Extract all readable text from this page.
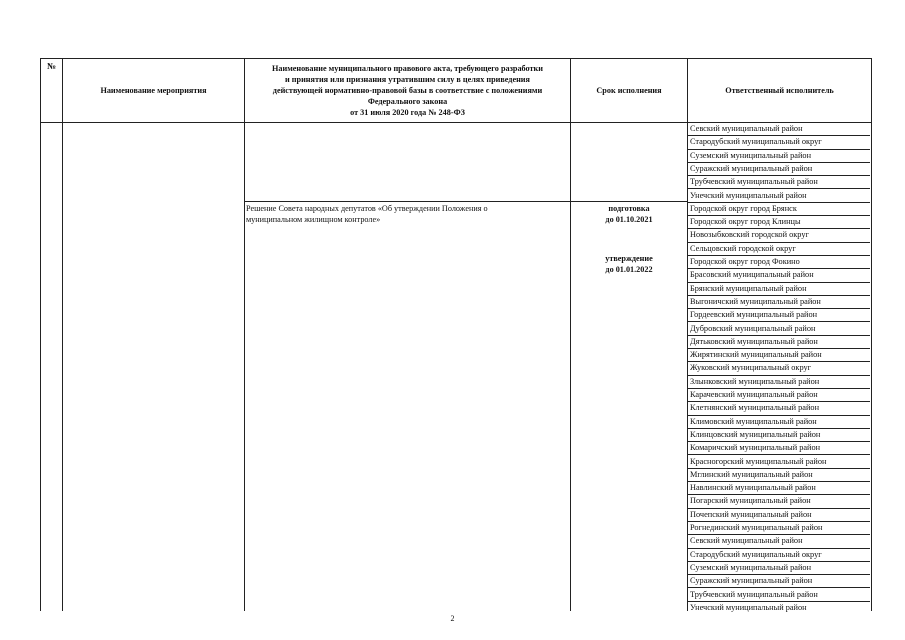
№
Наименование мероприятия
Наименование муниципального правового акта, требующего разработки
и принятия или признания утратившим силу в целях приведения
действующей нормативно-правовой базы в соответствие с положениями
Федерального закона
от 31 июля 2020 года № 248-ФЗ
Срок исполнения	Ответственный исполнитель
Севский муниципальный район
Стародубский муниципальный округ
Суземский муниципальный район
Суражский муниципальный район
Трубчевский муниципальный район
Унечский муниципальный район
Решение Совета народных депутатов «Об утверждении Положения о
муниципальном жилищном контроле»
подготовка
до 01.10.2021
утверждение
до 01.01.2022
Городской округ город Брянск
Городской округ город Клинцы
Новозыбковский городской округ
Сельцовский городской округ
Городской округ город Фокино
Брасовский муниципальный район
Брянский муниципальный район
Выгоничский муниципальный район
Гордеевский муниципальный район
Дубровский муниципальный район
Дятьковский муниципальный район
Жирятинский муниципальный район
Жуковский муниципальный округ
Злынковский муниципальный район
Карачевский муниципальный район
Клетнянский муниципальный район
Климовский муниципальный район
Клинцовский муниципальный район
Комаричский муниципальный район
Красногорский муниципальный район
Мглинский муниципальный район
Навлинский муниципальный район
Погарский муниципальный район
Почепский муниципальный район
Рогнединский муниципальный район
Севский муниципальный район
Стародубский муниципальный округ
Суземский муниципальный район
Суражский муниципальный район
Трубчевский муниципальный район
Унечский муниципальный район
2
